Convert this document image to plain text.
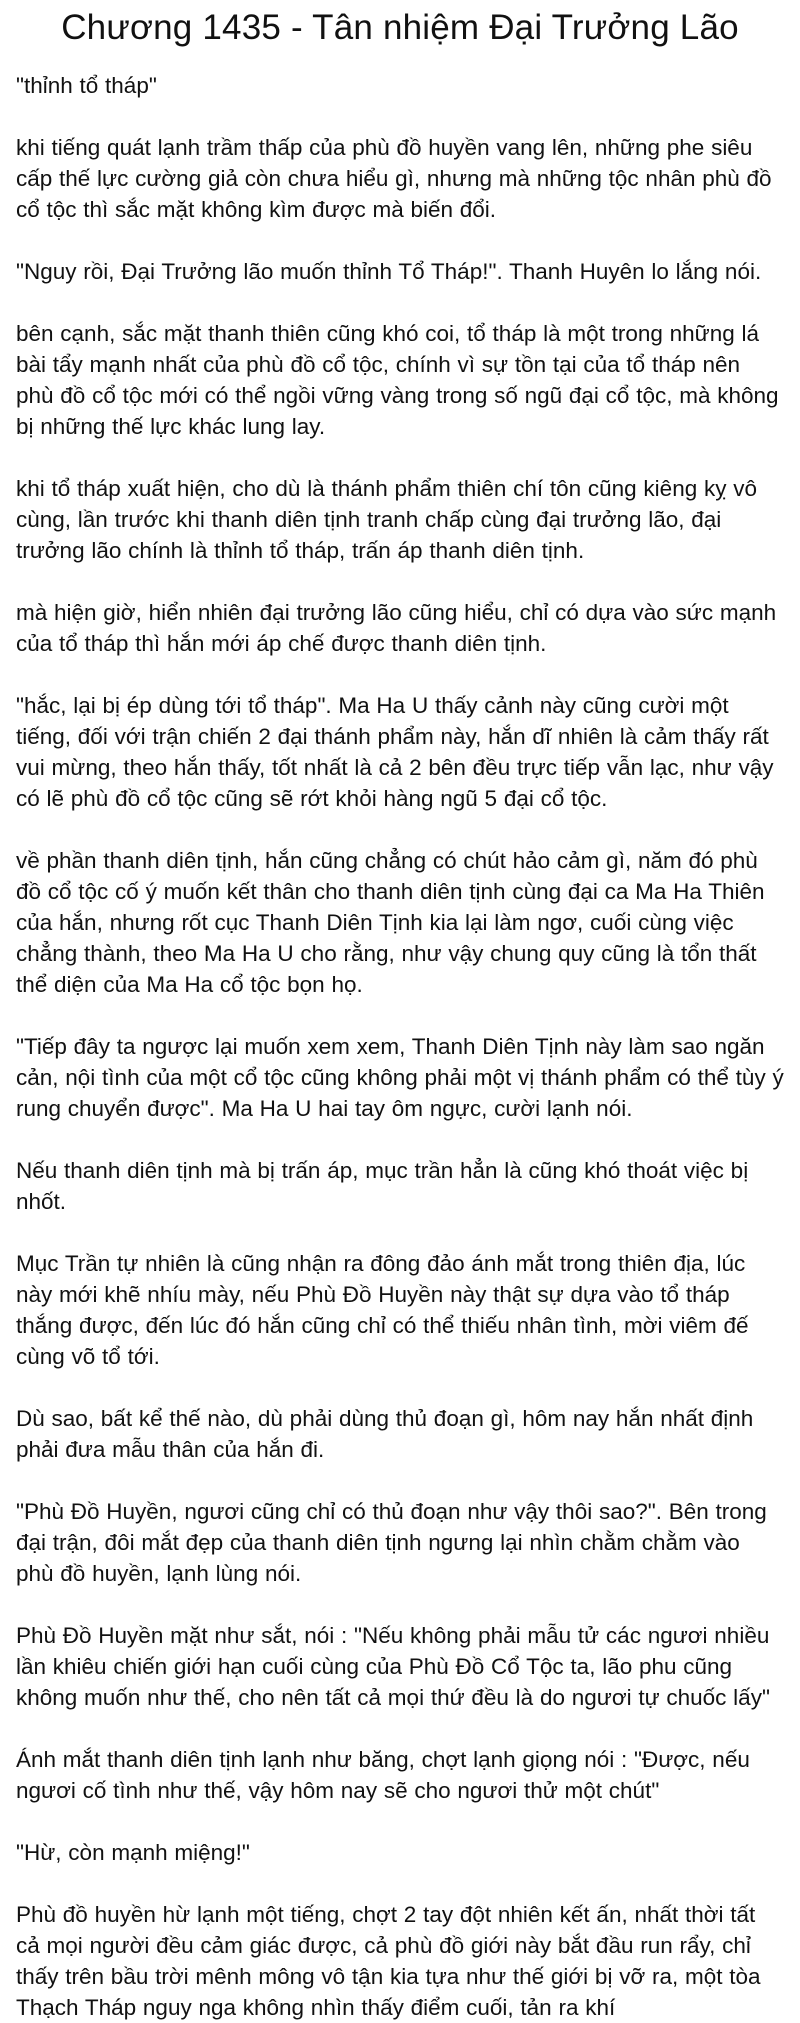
Chương 1435 - Tân nhiệm Đại Trưởng Lão

"thỉnh tổ tháp"

khi tiếng quát lạnh trầm thấp của phù đồ huyền vang lên, những phe siêu cấp thế lực cường giả còn chưa hiểu gì, nhưng mà những tộc nhân phù đồ cổ tộc thì sắc mặt không kìm được mà biến đổi.

"Nguy rồi, Đại Trưởng lão muốn thỉnh Tổ Tháp!". Thanh Huyên lo lắng nói.

bên cạnh, sắc mặt thanh thiên cũng khó coi, tổ tháp là một trong những lá bài tẩy mạnh nhất của phù đồ cổ tộc, chính vì sự tồn tại của tổ tháp nên phù đồ cổ tộc mới có thể ngồi vững vàng trong số ngũ đại cổ tộc, mà không bị những thế lực khác lung lay.

khi tổ tháp xuất hiện, cho dù là thánh phẩm thiên chí tôn cũng kiêng kỵ vô cùng, lần trước khi thanh diên tịnh tranh chấp cùng đại trưởng lão, đại trưởng lão chính là thỉnh tổ tháp, trấn áp thanh diên tịnh.

mà hiện giờ, hiển nhiên đại trưởng lão cũng hiểu, chỉ có dựa vào sức mạnh của tổ tháp thì hắn mới áp chế được thanh diên tịnh.

"hắc, lại bị ép dùng tới tổ tháp". Ma Ha U thấy cảnh này cũng cười một tiếng, đối với trận chiến 2 đại thánh phẩm này, hắn dĩ nhiên là cảm thấy rất vui mừng, theo hắn thấy, tốt nhất là cả 2 bên đều trực tiếp vẫn lạc, như vậy có lẽ phù đồ cổ tộc cũng sẽ rớt khỏi hàng ngũ 5 đại cổ tộc.

về phần thanh diên tịnh, hắn cũng chẳng có chút hảo cảm gì, năm đó phù đồ cổ tộc cố ý muốn kết thân cho thanh diên tịnh cùng đại ca Ma Ha Thiên của hắn, nhưng rốt cục Thanh Diên Tịnh kia lại làm ngơ, cuối cùng việc chẳng thành, theo Ma Ha U cho rằng, như vậy chung quy cũng là tổn thất thể diện của Ma Ha cổ tộc bọn họ.

"Tiếp đây ta ngược lại muốn xem xem, Thanh Diên Tịnh này làm sao ngăn cản, nội tình của một cổ tộc cũng không phải một vị thánh phẩm có thể tùy ý rung chuyển được". Ma Ha U hai tay ôm ngực, cười lạnh nói.

Nếu thanh diên tịnh mà bị trấn áp, mục trần hẳn là cũng khó thoát việc bị nhốt.

Mục Trần tự nhiên là cũng nhận ra đông đảo ánh mắt trong thiên địa, lúc này mới khẽ nhíu mày, nếu Phù Đồ Huyền này thật sự dựa vào tổ tháp thắng được, đến lúc đó hắn cũng chỉ có thể thiếu nhân tình, mời viêm đế cùng võ tổ tới.

Dù sao, bất kể thế nào, dù phải dùng thủ đoạn gì, hôm nay hắn nhất định phải đưa mẫu thân của hắn đi.

"Phù Đồ Huyền, ngươi cũng chỉ có thủ đoạn như vậy thôi sao?". Bên trong đại trận, đôi mắt đẹp của thanh diên tịnh ngưng lại nhìn chằm chằm vào phù đồ huyền, lạnh lùng nói.

Phù Đồ Huyền mặt như sắt, nói : "Nếu không phải mẫu tử các ngươi nhiều lần khiêu chiến giới hạn cuối cùng của Phù Đồ Cổ Tộc ta, lão phu cũng không muốn như thế, cho nên tất cả mọi thứ đều là do ngươi tự chuốc lấy"

Ánh mắt thanh diên tịnh lạnh như băng, chợt lạnh giọng nói : "Được, nếu ngươi cố tình như thế, vậy hôm nay sẽ cho ngươi thử một chút"

"Hừ, còn mạnh miệng!"

Phù đồ huyền hừ lạnh một tiếng, chợt 2 tay đột nhiên kết ấn, nhất thời tất cả mọi người đều cảm giác được, cả phù đồ giới này bắt đầu run rẩy, chỉ thấy trên bầu trời mênh mông vô tận kia tựa như thế giới bị vỡ ra, một tòa Thạch Tháp nguy nga không nhìn thấy điểm cuối, tản ra khí
